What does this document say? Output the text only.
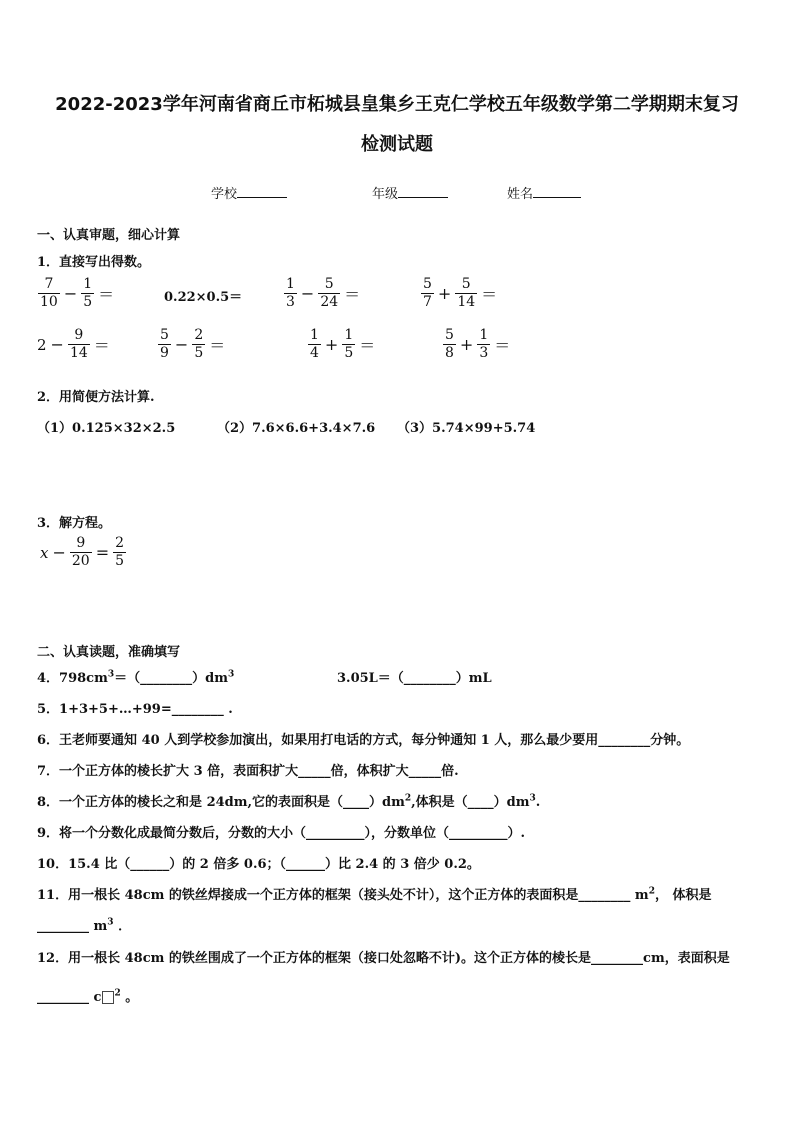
2022-2023学年河南省商丘市柘城县皇集乡王克仁学校五年级数学第二学期期末复习
检测试题
学校	年级	姓名
一、认真审题，细心计算
1．直接写出得数。
$\frac{7}{10} - \frac{1}{5}$ ＝	0.22×0.5＝	$\frac{1}{3} - \frac{5}{24}$ ＝	$\frac{5}{7} + \frac{5}{14}$ ＝
$2 - \frac{9}{14}$ ＝	$\frac{5}{9} - \frac{2}{5}$ ＝	$\frac{1}{4} + \frac{1}{5}$ ＝	$\frac{5}{8} + \frac{1}{3}$ ＝
2．用简便方法计算.
（1）0.125×32×2.5	（2）7.6×6.6+3.4×7.6 （3）5.74×99+5.74
3．解方程。
$x - \frac{9}{20} = \frac{2}{5}$
二、认真读题，准确填写
4．$798cm^3=(\_\_\_\_\_\_\_\_)dm^3$	3.05L＝（________）mL
5．1+3+5+…+99=________ .
6．王老师要通知 40 人到学校参加演出，如果用打电话的方式，每分钟通知 1 人，那么最少要用________分钟。
7．一个正方体的棱长扩大 3 倍，表面积扩大_____倍，体积扩大_____倍.
8．一个正方体的棱长之和是 24dm,它的表面积是$(\_\_\_\_)dm^2$,体积是$(\_\_\_\_)dm^3$.
9．将一个分数化成最简分数后，分数的大小（_________），分数单位（_________）.
10．15.4 比（______）的 2 倍多 0.6；（______）比 2.4 的 3 倍少 0.2。
11．用一根长 48cm 的铁丝焊接成一个正方体的框架（接头处不计），这个正方体的表面积是________ $m^2$， 体积是
________ $m^3$ ．
12．用一根长 48cm 的铁丝围成了一个正方体的框架（接口处忽略不计)。这个正方体的棱长是________cm，表面积是
________ c $^2$ 。
